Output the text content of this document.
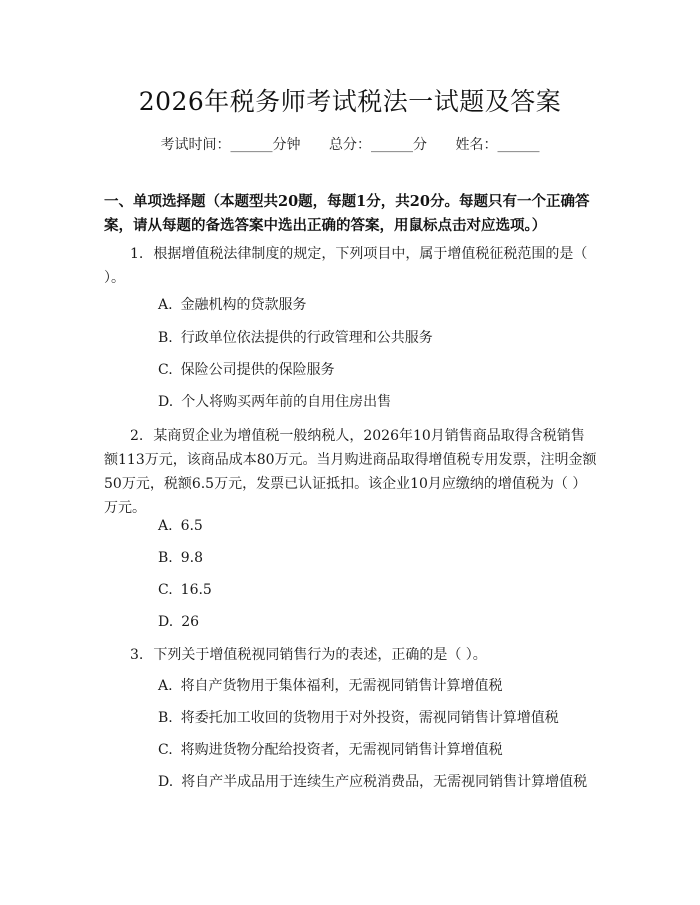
2026年税务师考试税法一试题及答案
考试时间：______分钟 总分：______分 姓名：______
一、单项选择题（本题型共20题，每题1分，共20分。每题只有一个正确答案，请从每题的备选答案中选出正确的答案，用鼠标点击对应选项。）
1. 根据增值税法律制度的规定，下列项目中，属于增值税征税范围的是（ ）。
A. 金融机构的贷款服务
B. 行政单位依法提供的行政管理和公共服务
C. 保险公司提供的保险服务
D. 个人将购买两年前的自用住房出售
2. 某商贸企业为增值税一般纳税人，2026年10月销售商品取得含税销售额113万元，该商品成本80万元。当月购进商品取得增值税专用发票，注明金额50万元，税额6.5万元，发票已认证抵扣。该企业10月应缴纳的增值税为（ ）万元。
A. 6.5
B. 9.8
C. 16.5
D. 26
3. 下列关于增值税视同销售行为的表述，正确的是（ ）。
A. 将自产货物用于集体福利，无需视同销售计算增值税
B. 将委托加工收回的货物用于对外投资，需视同销售计算增值税
C. 将购进货物分配给投资者，无需视同销售计算增值税
D. 将自产半成品用于连续生产应税消费品，无需视同销售计算增值税
